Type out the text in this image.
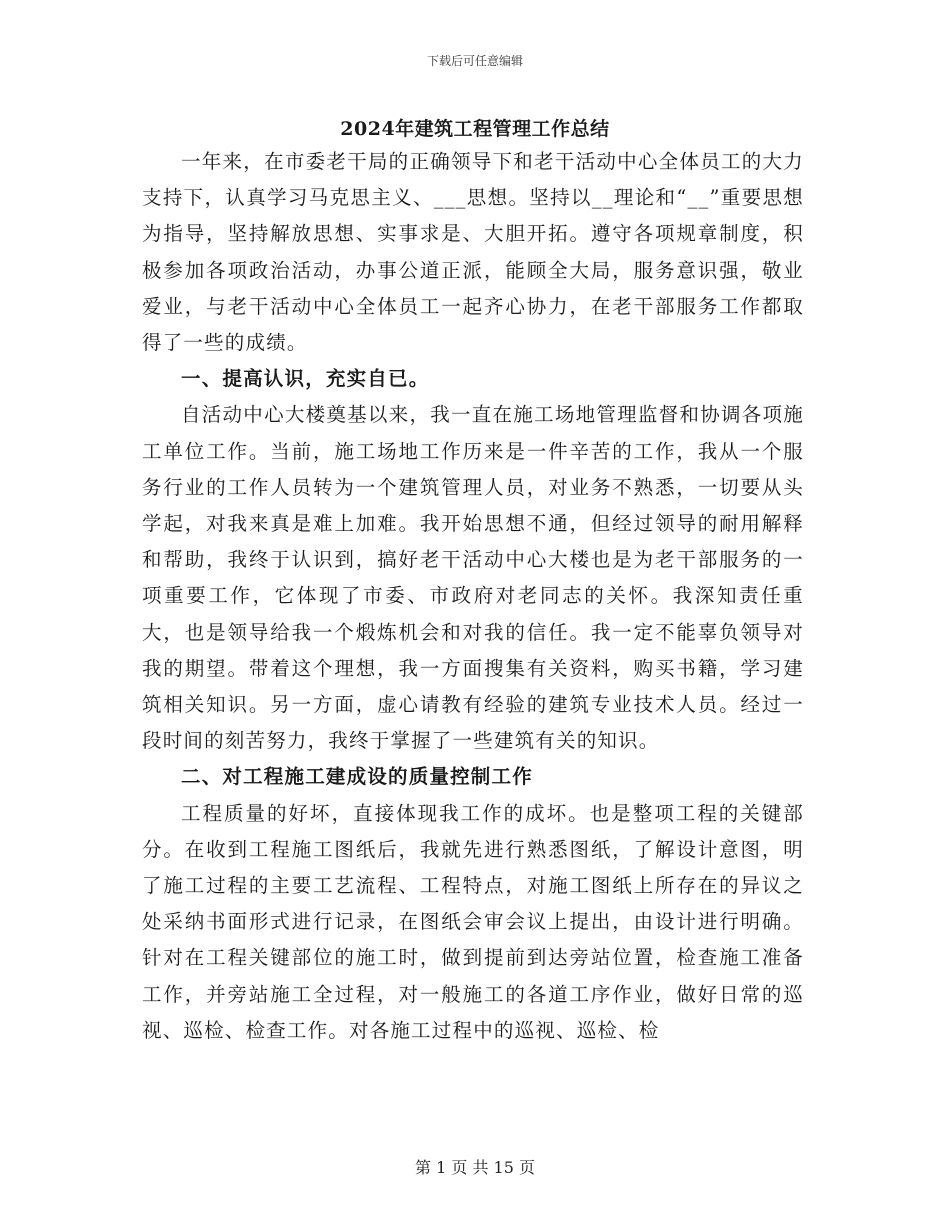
下载后可任意编辑
2024年建筑工程管理工作总结

一年来，在市委老干局的正确领导下和老干活动中心全体员工的大力支持下，认真学习马克思主义、___思想。坚持以__理论和“__”重要思想为指导，坚持解放思想、实事求是、大胆开拓。遵守各项规章制度，积极参加各项政治活动，办事公道正派，能顾全大局，服务意识强，敬业爱业，与老干活动中心全体员工一起齐心协力，在老干部服务工作都取得了一些的成绩。

一、提高认识，充实自已。

自活动中心大楼奠基以来，我一直在施工场地管理监督和协调各项施工单位工作。当前，施工场地工作历来是一件辛苦的工作，我从一个服务行业的工作人员转为一个建筑管理人员，对业务不熟悉，一切要从头学起，对我来真是难上加难。我开始思想不通，但经过领导的耐用解释和帮助，我终于认识到，搞好老干活动中心大楼也是为老干部服务的一项重要工作，它体现了市委、市政府对老同志的关怀。我深知责任重大，也是领导给我一个煅炼机会和对我的信任。我一定不能辜负领导对我的期望。带着这个理想，我一方面搜集有关资料，购买书籍，学习建筑相关知识。另一方面，虚心请教有经验的建筑专业技术人员。经过一段时间的刻苦努力，我终于掌握了一些建筑有关的知识。

二、对工程施工建成设的质量控制工作

工程质量的好坏，直接体现我工作的成坏。也是整项工程的关键部分。在收到工程施工图纸后，我就先进行熟悉图纸，了解设计意图，明了施工过程的主要工艺流程、工程特点，对施工图纸上所存在的异议之处采纳书面形式进行记录，在图纸会审会议上提出，由设计进行明确。针对在工程关键部位的施工时，做到提前到达旁站位置，检查施工准备工作，并旁站施工全过程，对一般施工的各道工序作业，做好日常的巡视、巡检、检查工作。对各施工过程中的巡视、巡检、检

第 1 页 共 15 页
